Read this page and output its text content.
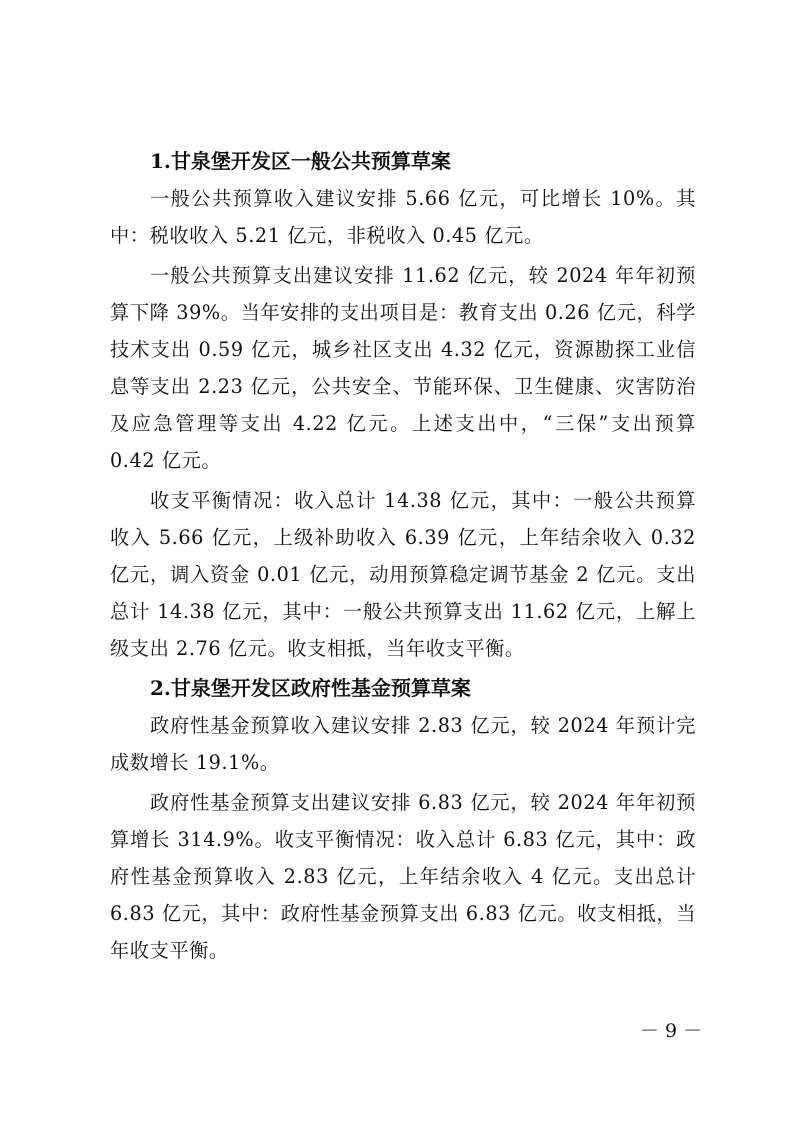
1.甘泉堡开发区一般公共预算草案

一般公共预算收入建议安排 5.66 亿元，可比增长 10%。其中：税收收入 5.21 亿元，非税收入 0.45 亿元。

一般公共预算支出建议安排 11.62 亿元，较 2024 年年初预算下降 39%。当年安排的支出项目是：教育支出 0.26 亿元，科学技术支出 0.59 亿元，城乡社区支出 4.32 亿元，资源勘探工业信息等支出 2.23 亿元，公共安全、节能环保、卫生健康、灾害防治及应急管理等支出 4.22 亿元。上述支出中，“三保”支出预算 0.42 亿元。

收支平衡情况：收入总计 14.38 亿元，其中：一般公共预算收入 5.66 亿元，上级补助收入 6.39 亿元，上年结余收入 0.32 亿元，调入资金 0.01 亿元，动用预算稳定调节基金 2 亿元。支出总计 14.38 亿元，其中：一般公共预算支出 11.62 亿元，上解上级支出 2.76 亿元。收支相抵，当年收支平衡。

2.甘泉堡开发区政府性基金预算草案

政府性基金预算收入建议安排 2.83 亿元，较 2024 年预计完成数增长 19.1%。

政府性基金预算支出建议安排 6.83 亿元，较 2024 年年初预算增长 314.9%。收支平衡情况：收入总计 6.83 亿元，其中：政府性基金预算收入 2.83 亿元，上年结余收入 4 亿元。支出总计 6.83 亿元，其中：政府性基金预算支出 6.83 亿元。收支相抵，当年收支平衡。

－ 9 －
